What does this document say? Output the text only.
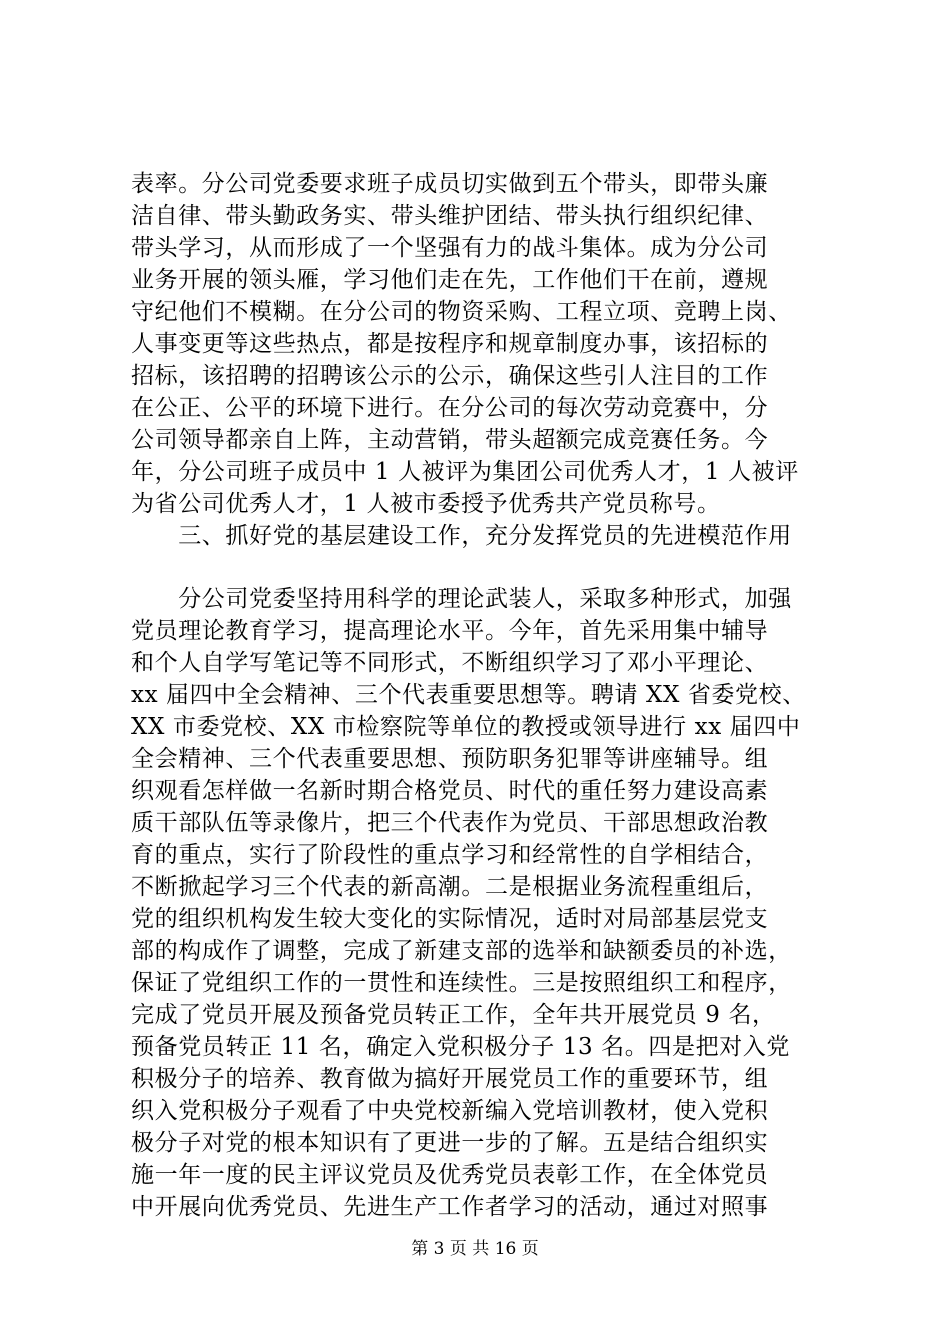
表率。分公司党委要求班子成员切实做到五个带头，即带头廉
洁自律、带头勤政务实、带头维护团结、带头执行组织纪律、
带头学习，从而形成了一个坚强有力的战斗集体。成为分公司
业务开展的领头雁，学习他们走在先，工作他们干在前，遵规
守纪他们不模糊。在分公司的物资采购、工程立项、竞聘上岗、
人事变更等这些热点，都是按程序和规章制度办事，该招标的
招标，该招聘的招聘该公示的公示，确保这些引人注目的工作
在公正、公平的环境下进行。在分公司的每次劳动竞赛中，分
公司领导都亲自上阵，主动营销，带头超额完成竞赛任务。今
年，分公司班子成员中 1 人被评为集团公司优秀人才，1 人被评
为省公司优秀人才，1 人被市委授予优秀共产党员称号。
　　三、抓好党的基层建设工作，充分发挥党员的先进模范作用
　　分公司党委坚持用科学的理论武装人，采取多种形式，加强
党员理论教育学习，提高理论水平。今年，首先采用集中辅导
和个人自学写笔记等不同形式，不断组织学习了邓小平理论、
xx 届四中全会精神、三个代表重要思想等。聘请 XX 省委党校、
XX 市委党校、XX 市检察院等单位的教授或领导进行 xx 届四中
全会精神、三个代表重要思想、预防职务犯罪等讲座辅导。组
织观看怎样做一名新时期合格党员、时代的重任努力建设高素
质干部队伍等录像片，把三个代表作为党员、干部思想政治教
育的重点，实行了阶段性的重点学习和经常性的自学相结合，
不断掀起学习三个代表的新高潮。二是根据业务流程重组后，
党的组织机构发生较大变化的实际情况，适时对局部基层党支
部的构成作了调整，完成了新建支部的选举和缺额委员的补选，
保证了党组织工作的一贯性和连续性。三是按照组织工和程序，
完成了党员开展及预备党员转正工作，全年共开展党员 9 名，
预备党员转正 11 名，确定入党积极分子 13 名。四是把对入党
积极分子的培养、教育做为搞好开展党员工作的重要环节，组
织入党积极分子观看了中央党校新编入党培训教材，使入党积
极分子对党的根本知识有了更进一步的了解。五是结合组织实
施一年一度的民主评议党员及优秀党员表彰工作，在全体党员
中开展向优秀党员、先进生产工作者学习的活动，通过对照事
第 3 页 共 16 页
